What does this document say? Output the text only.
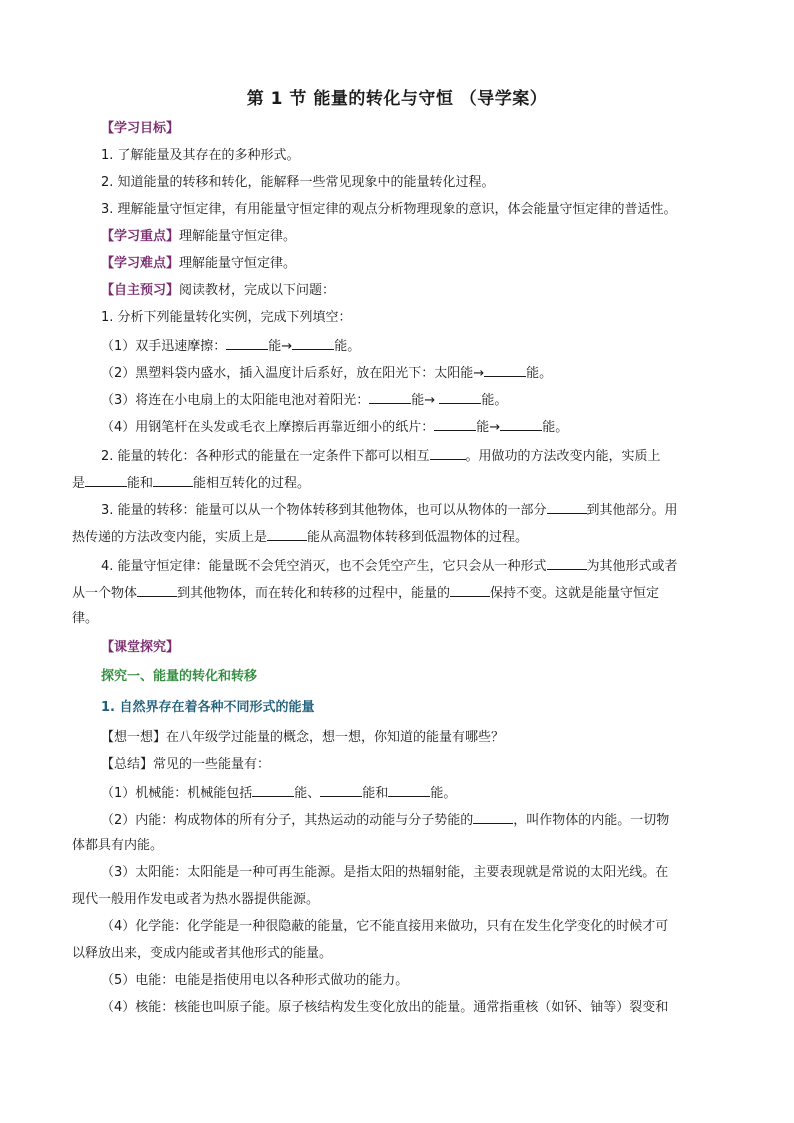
第 1 节 能量的转化与守恒 （导学案）
【学习目标】
1. 了解能量及其存在的多种形式。
2. 知道能量的转移和转化，能解释一些常见现象中的能量转化过程。
3. 理解能量守恒定律，有用能量守恒定律的观点分析物理现象的意识，体会能量守恒定律的普适性。
【学习重点】理解能量守恒定律。
【学习难点】理解能量守恒定律。
【自主预习】阅读教材，完成以下问题：
1. 分析下列能量转化实例，完成下列填空：
（1）双手迅速摩擦：	能→	能。
（2）黑塑料袋内盛水，插入温度计后系好，放在阳光下：太阳能→	能。
（3）将连在小电扇上的太阳能电池对着阳光：	能→	能。
（4）用钢笔杆在头发或毛衣上摩擦后再靠近细小的纸片：	能→	能。
2. 能量的转化：各种形式的能量在一定条件下都可以相互	。用做功的方法改变内能，实质上
是	能和	能相互转化的过程。
3. 能量的转移：能量可以从一个物体转移到其他物体，也可以从物体的一部分	到其他部分。用
热传递的方法改变内能，实质上是	能从高温物体转移到低温物体的过程。
4. 能量守恒定律：能量既不会凭空消灭，也不会凭空产生，它只会从一种形式	为其他形式或者
从一个物体	到其他物体，而在转化和转移的过程中，能量的	保持不变。这就是能量守恒定
律。
【课堂探究】
探究一、能量的转化和转移
1. 自然界存在着各种不同形式的能量
【想一想】在八年级学过能量的概念，想一想，你知道的能量有哪些？
【总结】常见的一些能量有：
（1）机械能：机械能包括	能、	能和	能。
（2）内能：构成物体的所有分子，其热运动的动能与分子势能的	，叫作物体的内能。一切物
体都具有内能。
（3）太阳能：太阳能是一种可再生能源。是指太阳的热辐射能，主要表现就是常说的太阳光线。在
现代一般用作发电或者为热水器提供能源。
（4）化学能：化学能是一种很隐蔽的能量，它不能直接用来做功，只有在发生化学变化的时候才可
以释放出来，变成内能或者其他形式的能量。
（5）电能：电能是指使用电以各种形式做功的能力。
（4）核能：核能也叫原子能。原子核结构发生变化放出的能量。通常指重核（如钚、铀等）裂变和
